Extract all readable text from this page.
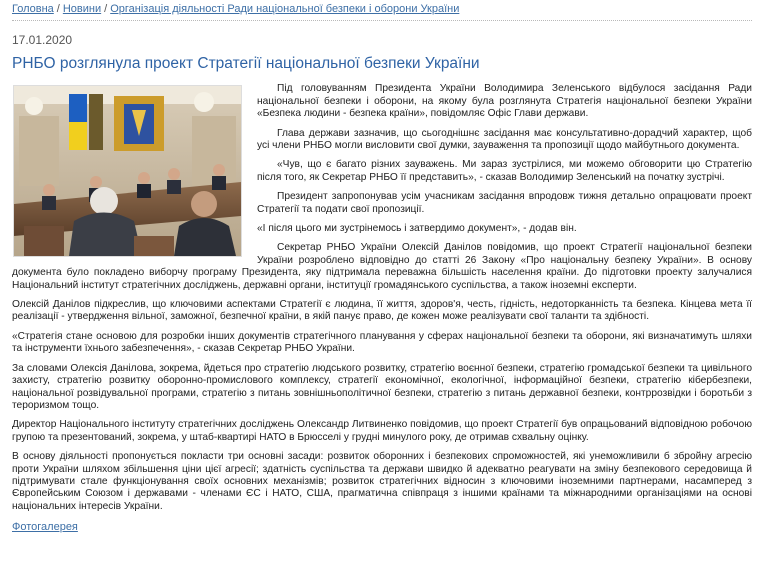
Головна / Новини / Організація діяльності Ради національної безпеки і оборони України
17.01.2020
РНБО розглянула проект Стратегії національної безпеки України

Під головуванням Президента України Володимира Зеленського відбулося засідання Ради національної безпеки і оборони, на якому була розглянута Стратегія національної безпеки України «Безпека людини - безпека країни», повідомляє Офіс Глави держави.

Глава держави зазначив, що сьогоднішнє засідання має консультативно-дорадчий характер, щоб усі члени РНБО могли висловити свої думки, зауваження та пропозиції щодо майбутнього документа.

«Чув, що є багато різних зауважень. Ми зараз зустрілися, ми можемо обговорити цю Стратегію після того, як Секретар РНБО її представить», - сказав Володимир Зеленський на початку зустрічі.

Президент запропонував усім учасникам засідання впродовж тижня детально опрацювати проект Стратегії та подати свої пропозиції.

«І після цього ми зустрінемось і затвердимо документ», - додав він.

Секретар РНБО України Олексій Данілов повідомив, що проект Стратегії національної безпеки України розроблено відповідно до статті 26 Закону «Про національну безпеку України». В основу документа було покладено виборчу програму Президента, яку підтримала переважна більшість населення країни. До підготовки проекту залучалися Національний інститут стратегічних досліджень, державні органи, інституції громадянського суспільства, а також іноземні експерти.

Олексій Данілов підкреслив, що ключовими аспектами Стратегії є людина, її життя, здоров'я, честь, гідність, недоторканність та безпека. Кінцева мета її реалізації - утвердження вільної, заможної, безпечної країни, в якій панує право, де кожен може реалізувати свої таланти та здібності.

«Стратегія стане основою для розробки інших документів стратегічного планування у сферах національної безпеки та оборони, які визначатимуть шляхи та інструменти їхнього забезпечення», - сказав Секретар РНБО України.

За словами Олексія Данілова, зокрема, йдеться про стратегію людського розвитку, стратегію воєнної безпеки, стратегію громадської безпеки та цивільного захисту, стратегію розвитку оборонно-промислового комплексу, стратегії економічної, екологічної, інформаційної безпеки, стратегію кібербезпеки, національної розвідувальної програми, стратегію з питань зовнішньополітичної безпеки, стратегію з питань державної безпеки, контррозвідки і боротьби з тероризмом тощо.

Директор Національного інституту стратегічних досліджень Олександр Литвиненко повідомив, що проект Стратегії був опрацьований відповідною робочою групою та презентований, зокрема, у штаб-квартирі НАТО в Брюсселі у грудні минулого року, де отримав схвальну оцінку.

В основу діяльності пропонується покласти три основні засади: розвиток оборонних і безпекових спроможностей, які унеможливили б збройну агресію проти України шляхом збільшення ціни цієї агресії; здатність суспільства та держави швидко й адекватно реагувати на зміну безпекового середовища й підтримувати стале функціонування своїх основних механізмів; розвиток стратегічних відносин з ключовими іноземними партнерами, насамперед з Європейським Союзом і державами - членами ЄС і НАТО, США, прагматична співпраця з іншими країнами та міжнародними організаціями на основі національних інтересів України.

Фотогалерея
